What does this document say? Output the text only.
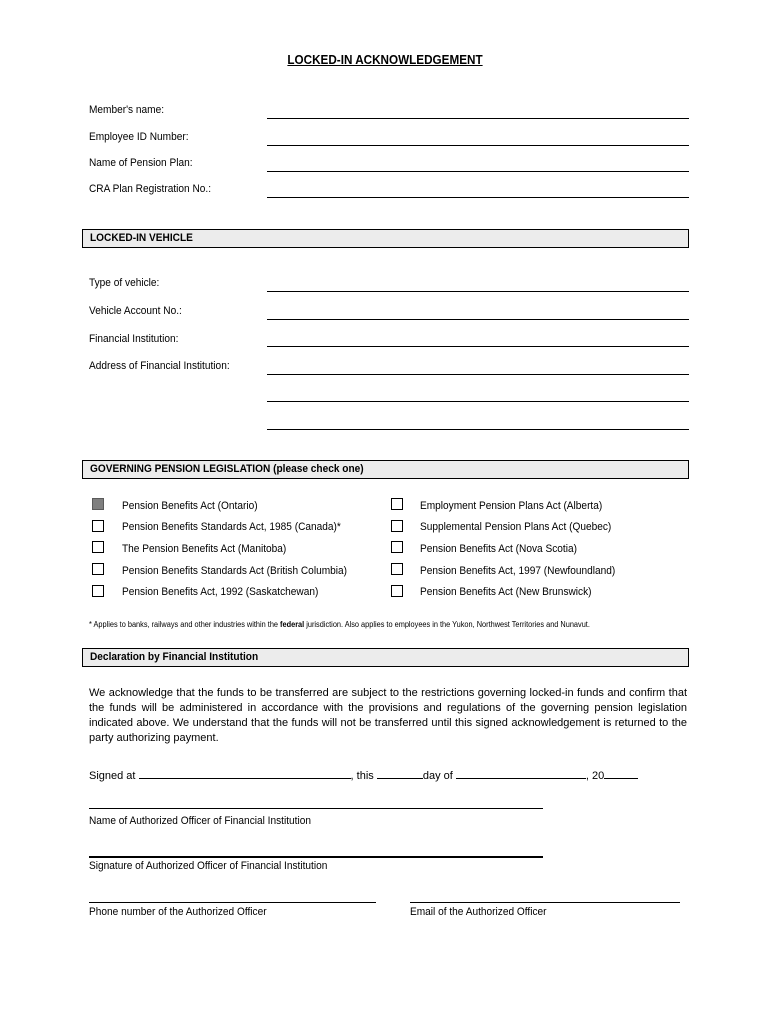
LOCKED-IN ACKNOWLEDGEMENT
Member's name:
Employee ID Number:
Name of Pension Plan:
CRA Plan Registration No.:
LOCKED-IN VEHICLE
Type of vehicle:
Vehicle Account No.:
Financial Institution:
Address of Financial Institution:
GOVERNING PENSION LEGISLATION (please check one)
Pension Benefits Act (Ontario)
Pension Benefits Standards Act, 1985 (Canada)*
The Pension Benefits Act (Manitoba)
Pension Benefits Standards Act (British Columbia)
Pension Benefits Act, 1992 (Saskatchewan)
Employment Pension Plans Act (Alberta)
Supplemental Pension Plans Act (Quebec)
Pension Benefits Act (Nova Scotia)
Pension Benefits Act, 1997 (Newfoundland)
Pension Benefits Act (New Brunswick)
* Applies to banks, railways and other industries within the federal jurisdiction. Also applies to employees in the Yukon, Northwest Territories and Nunavut.
Declaration by Financial Institution
We acknowledge that the funds to be transferred are subject to the restrictions governing locked-in funds and confirm that the funds will be administered in accordance with the provisions and regulations of the governing pension legislation indicated above. We understand that the funds will not be transferred until this signed acknowledgement is returned to the party authorizing payment.
Signed at	, this	day of	, 20
Name of Authorized Officer of Financial Institution
Signature of Authorized Officer of Financial Institution
Phone number of the Authorized Officer	Email of the Authorized Officer
